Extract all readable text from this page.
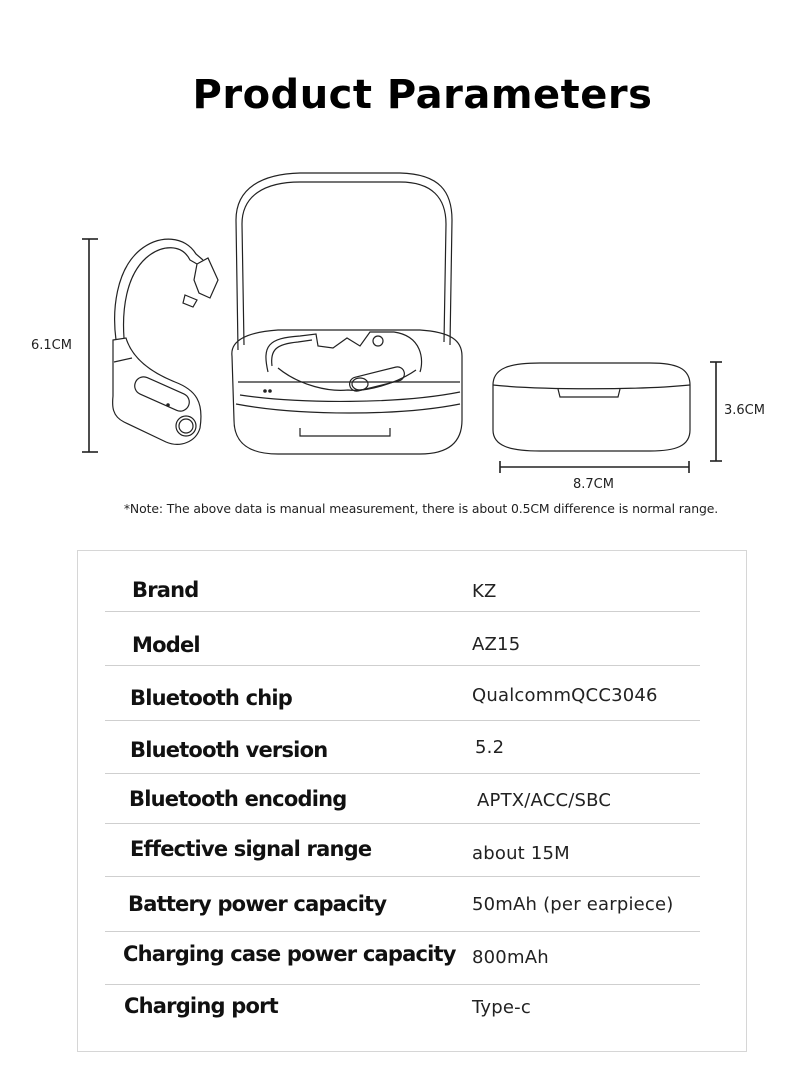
Product Parameters
6.1CM
3.6CM
8.7CM
*Note: The above data is manual measurement, there is about 0.5CM difference is normal range.
Brand	KZ
Model	AZ15
Bluetooth chip	QualcommQCC3046
Bluetooth version	5.2
Bluetooth encoding	APTX/ACC/SBC
Effective signal range	about 15M
Battery power capacity	50mAh (per earpiece)
Charging case power capacity 800mAh
Charging port	Type-c
